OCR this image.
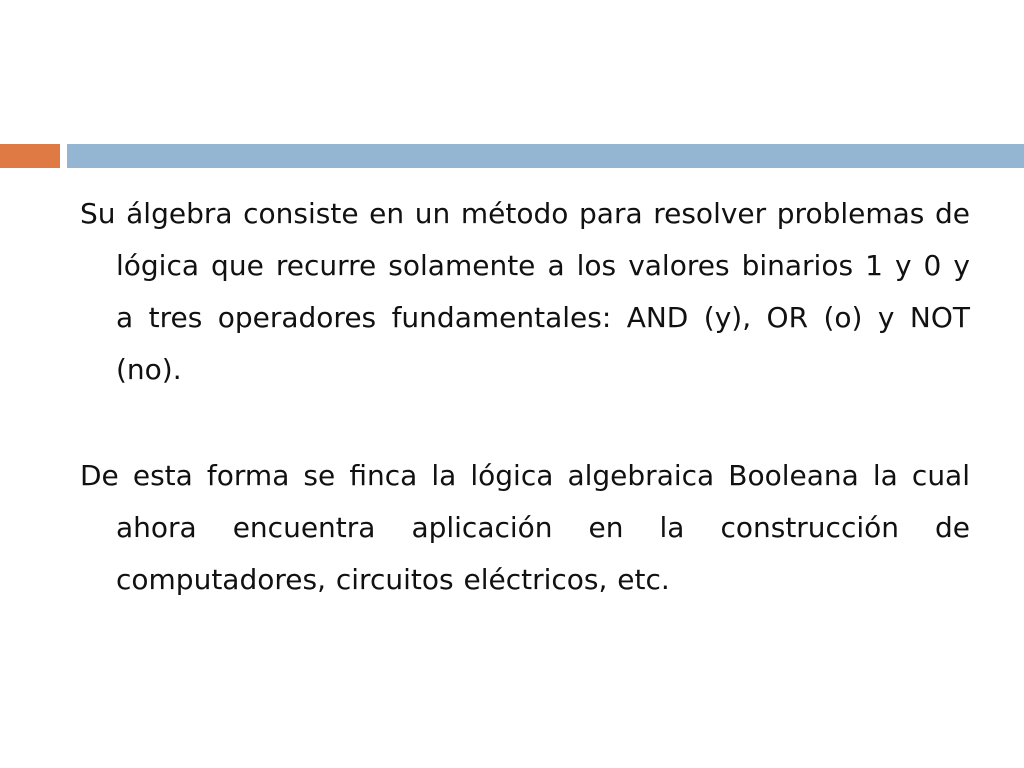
Su álgebra consiste en un método para resolver problemas de lógica que recurre solamente a los valores binarios 1 y 0 y a tres operadores fundamentales: AND (y), OR (o) y NOT (no).

De esta forma se finca la lógica algebraica Booleana la cual ahora encuentra aplicación en la construcción de computadores, circuitos eléctricos, etc.
